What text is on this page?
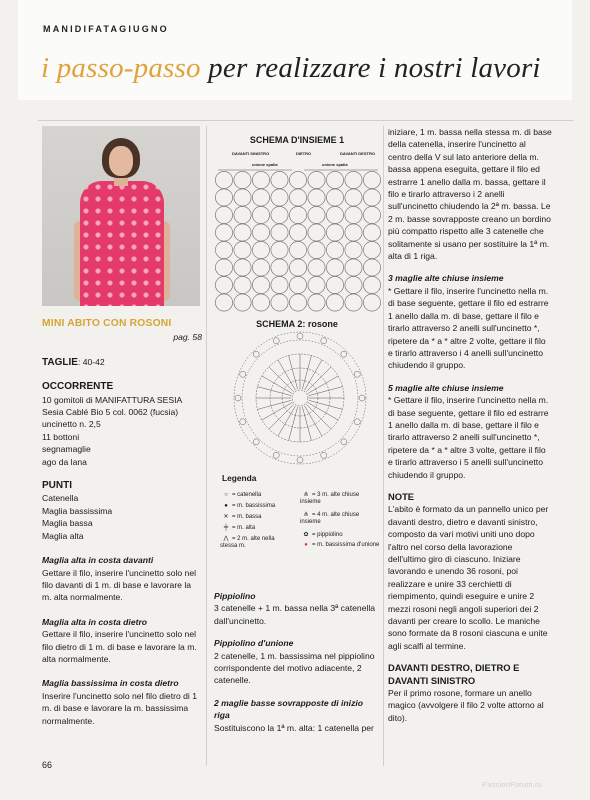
MANIDIFATAGIUGNO
i passo-passo per realizzare i nostri lavori
MINI ABITO CON ROSONI
pag. 58
TAGLIE: 40-42
OCCORRENTE

10 gomitoli di MANIFATTURA SESIA

Sesia Cablé Bio 5 col. 0062 (fucsia)

uncinetto n. 2,5

11 bottoni

segnamaglie

ago da lana

PUNTI

Catenella

Maglia bassissima

Maglia bassa

Maglia alta

Maglia alta in costa davanti

Gettare il filo, inserire l'uncinetto solo nel filo davanti di 1 m. di base e lavorare la m. alta normalmente.

Maglia alta in costa dietro

Gettare il filo, inserire l'uncinetto solo nel filo dietro di 1 m. di base e lavorare la m. alta normalmente.

Maglia bassissima in costa dietro

Inserire l'uncinetto solo nel filo dietro di 1 m. di base e lavorare la m. bassissima normalmente.

SCHEMA D'INSIEME 1
DAVANTI SINISTRO	DIETRO	DAVANTI DESTRO
unione spalla	unione spalla
SCHEMA 2: rosone
Legenda
○ = catenella
● = m. bassissima
✕ = m. bassa
╪ = m. alta
⋀ = 2 m. alte nella stessa m.
⋔ = 3 m. alte chiuse insieme
⋔ = 4 m. alte chiuse insieme
✿ = pippiolino
● = m. bassissima d'unione
Pippiolino

3 catenelle + 1 m. bassa nella 3ª catenella dall'uncinetto.

Pippiolino d'unione

2 catenelle, 1 m. bassissima nel pippiolino corrispondente del motivo adiacente, 2 catenelle.

2 maglie basse sovrapposte di inizio riga

Sostituiscono la 1ª m. alta: 1 catenella per

iniziare, 1 m. bassa nella stessa m. di base della catenella, inserire l'uncinetto al centro della V sul lato anteriore della m. bassa appena eseguita, gettare il filo ed estrarre 1 anello dalla m. bassa, gettare il filo e tirarlo attraverso i 2 anelli sull'uncinetto chiudendo la 2ª m. bassa. Le 2 m. basse sovrapposte creano un bordino più compatto rispetto alle 3 catenelle che solitamente si usano per sostituire la 1ª m. alta di 1 riga.

3 maglie alte chiuse insieme

* Gettare il filo, inserire l'uncinetto nella m. di base seguente, gettare il filo ed estrarre 1 anello dalla m. di base, gettare il filo e tirarlo attraverso 2 anelli sull'uncinetto *, ripetere da * a * altre 2 volte, gettare il filo e tirarlo attraverso i 4 anelli sull'uncinetto chiudendo il gruppo.

5 maglie alte chiuse insieme

* Gettare il filo, inserire l'uncinetto nella m. di base seguente, gettare il filo ed estrarre 1 anello dalla m. di base, gettare il filo e tirarlo attraverso 2 anelli sull'uncinetto *, ripetere da * a * altre 3 volte, gettare il filo e tirarlo attraverso i 5 anelli sull'uncinetto chiudendo il gruppo.

NOTE

L'abito è formato da un pannello unico per davanti destro, dietro e davanti sinistro, composto da vari motivi uniti uno dopo l'altro nel corso della lavorazione dell'ultimo giro di ciascuno. Iniziare lavorando e unendo 36 rosoni, poi realizzare e unire 33 cerchietti di riempimento, quindi eseguire e unire 2 mezzi rosoni negli angoli superiori dei 2 davanti per creare lo scollo. Le maniche sono formate da 8 rosoni ciascuna e unite agli scalfi al termine.

DAVANTI DESTRO, DIETRO E DAVANTI SINISTRO

Per il primo rosone, formare un anello magico (avvolgere il filo 2 volte attorno al dito).

66
PassionForum.ru
